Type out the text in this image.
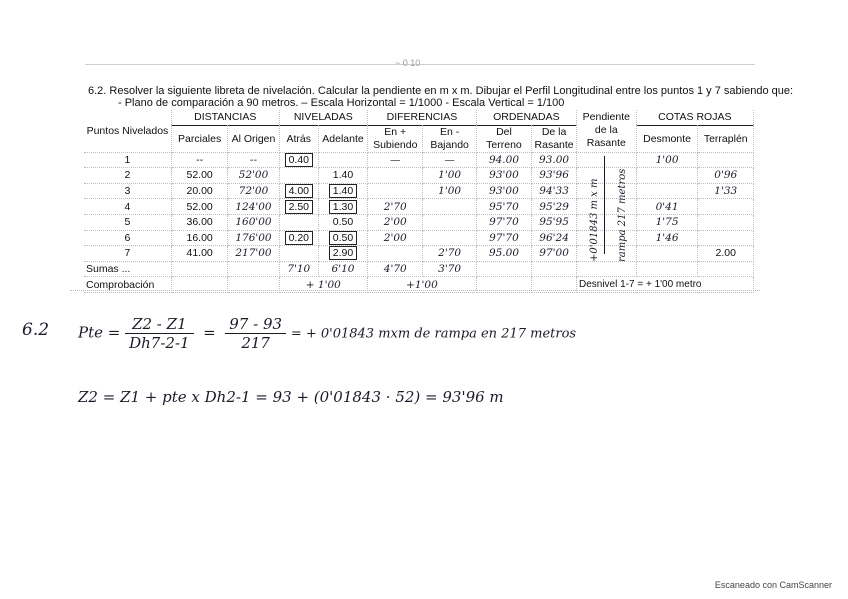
~ 0 10
6.2. Resolver la siguiente libreta de nivelación. Calcular la pendiente en m x m. Dibujar el Perfil Longitudinal entre los puntos 1 y 7 sabiendo que:
- Plano de comparación a 90 metros. – Escala Horizontal = 1/1000 - Escala Vertical = 1/100
Puntos Nivelados	DISTANCIAS		NIVELADAS		DIFERENCIAS		ORDENADAS		Pendiente de la Rasante	COTAS ROJAS	
	Parciales	Al Origen	Atrás	Adelante	En + Subiendo	En - Bajando	Del Terreno	De la Rasante		Desmonte	Terraplén

1	--	--	0.40		—	—	94.00	93.00		1'00	
2	52.00	52'00		1.40		1'00	93'00	93'96			0'96
3	20.00	72'00	4.00	1.40		1'00	93'00	94'33			1'33
4	52.00	124'00	2.50	1.30	2'70		95'70	95'29		0'41	
5	36.00	160'00		0.50	2'00		97'70	95'95		1'75	
6	16.00	176'00	0.20	0.50	2'00		97'70	96'24		1'46	
7	41.00	217'00		2.90		2'70	95.00	97'00			2.00
Sumas ...			7'10	6'10	4'70	3'70					
Comprobación			+ 1'00		+1'00				Desnivel 1-7 = + 1'00 metro		
+0'01843 m x m rampa 217 metros
6.2 Pte = $\frac{Z2 - Z1}{Dh7-2-1} = \frac{97 - 93}{217}$ = + 0'01843 mxm de rampa en 217 metros
Z2 = Z1 + pte x Dh2-1 = 93 + (0'01843 · 52) = 93'96 m
Escaneado con CamScanner
